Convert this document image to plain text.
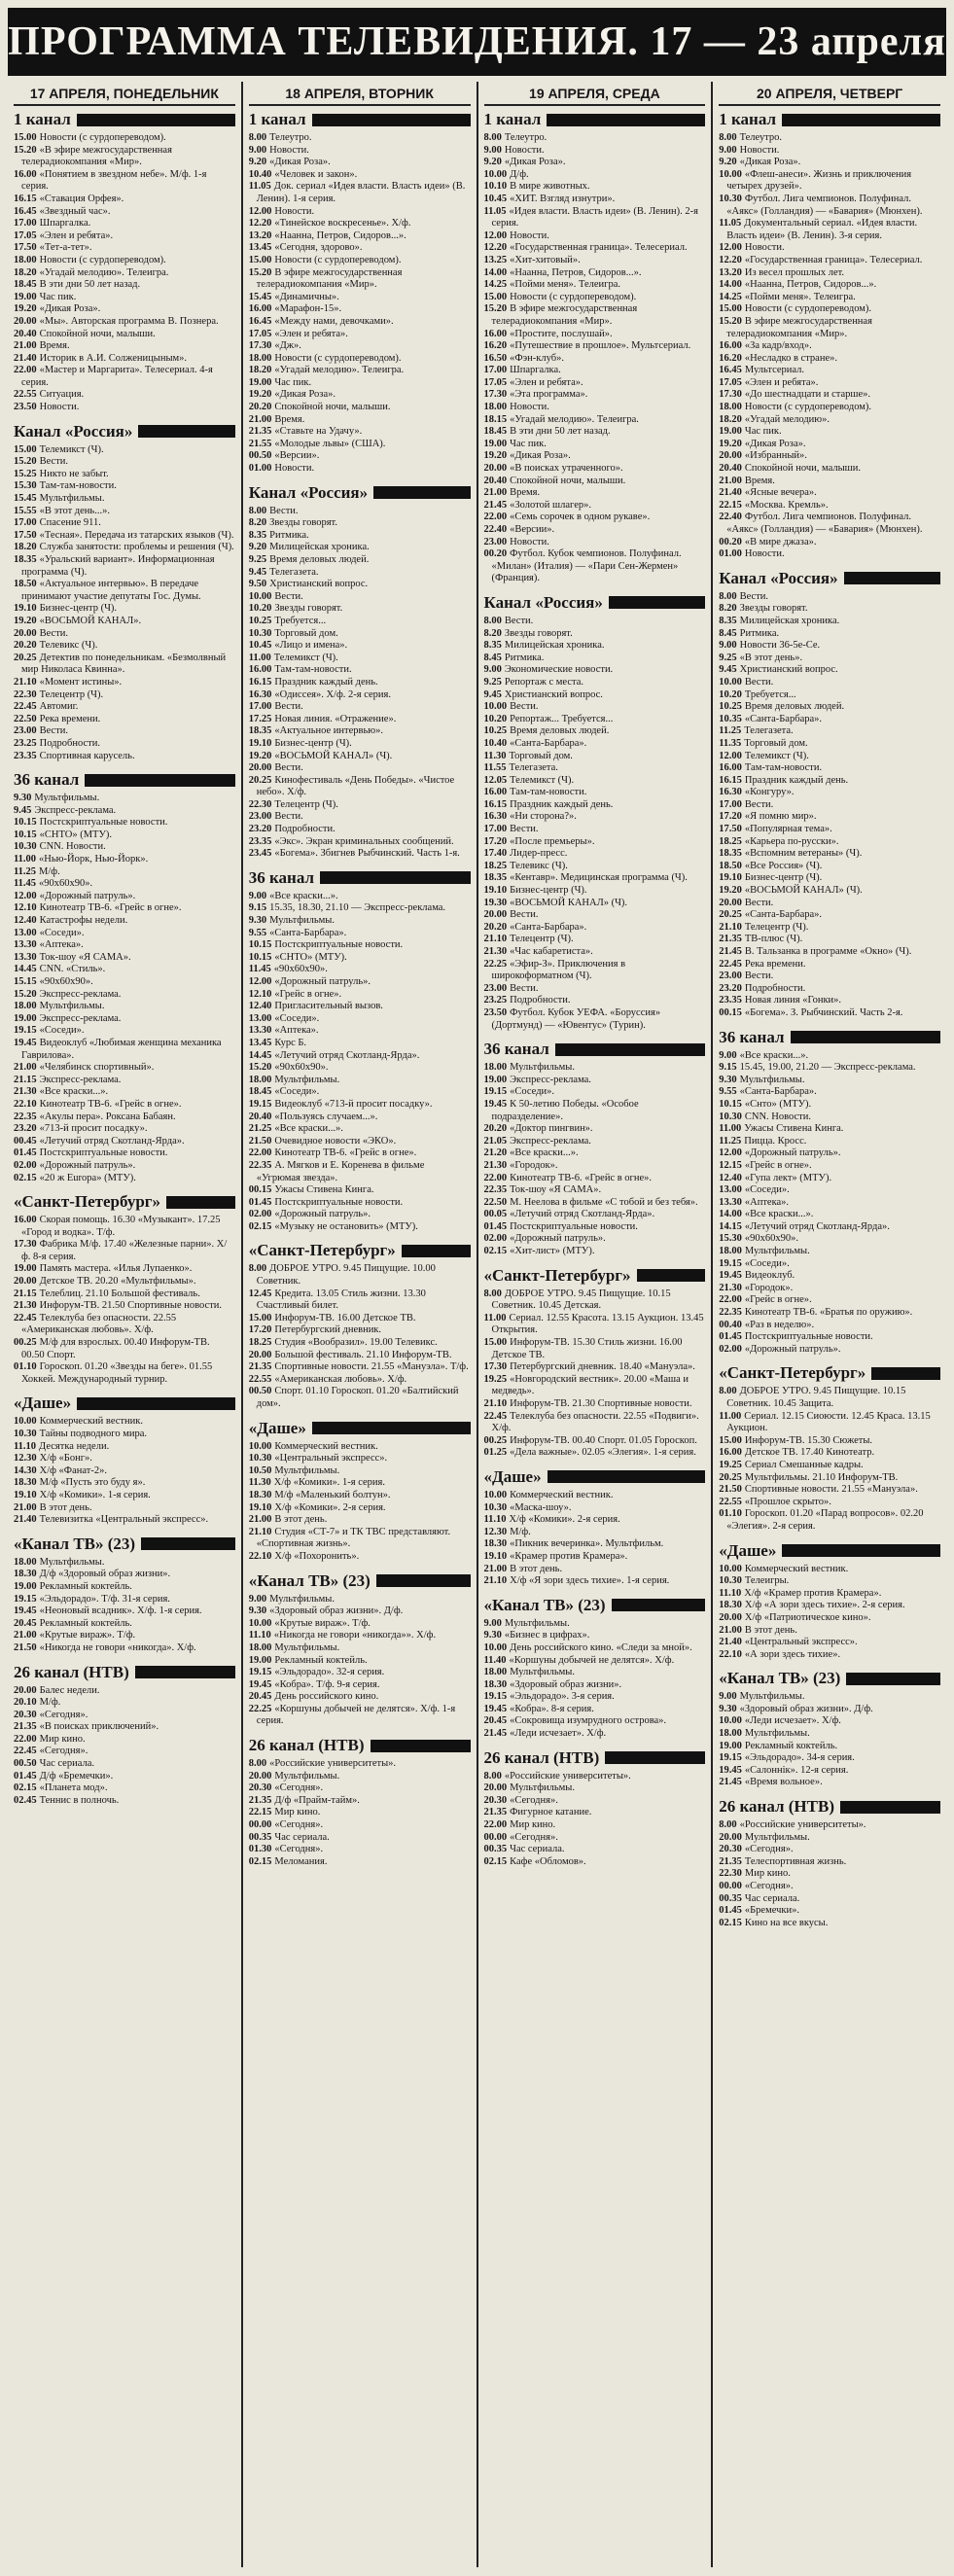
ПРОГРАММА ТЕЛЕВИДЕНИЯ. 17 — 23 апреля
17 АПРЕЛЯ, ПОНЕДЕЛЬНИК
1 канал

15.00 Новости (с сурдопереводом).

15.20 «В эфире межгосударственная телерадиокомпания «Мир».

16.00 «Понятием в звездном небе». М/ф. 1-я серия.

16.15 «Ставация Орфея».

16.45 «Звездный час».

17.00 Шпаргалка.

17.05 «Элен и ребята».

17.50 «Тет-а-тет».

18.00 Новости (с сурдопереводом).

18.20 «Угадай мелодию». Телеигра.

18.45 В эти дни 50 лет назад.

19.00 Час пик.

19.20 «Дикая Роза».

20.00 «Мы». Авторская программа В. Познера.

20.40 Спокойной ночи, малыши.

21.00 Время.

21.40 Историк в А.И. Солженицыным».

22.00 «Мастер и Маргарита». Телесериал. 4-я серия.

22.55 Ситуация.

23.50 Новости.

Канал «Россия»

15.00 Телемикст (Ч).

15.20 Вести.

15.25 Никто не забыт.

15.30 Там-там-новости.

15.45 Мультфильмы.

15.55 «В этот день...».

17.00 Спасение 911.

17.50 «Тесная». Передача из татарских языков (Ч).

18.20 Служба занятости: проблемы и решения (Ч).

18.35 «Уральский вариант». Информационная программа (Ч).

18.50 «Актуальное интервью». В передаче принимают участие депутаты Гос. Думы.

19.10 Бизнес-центр (Ч).

19.20 «ВОСЬМОЙ КАНАЛ».

20.00 Вести.

20.20 Телевикс (Ч).

20.25 Детектив по понедельникам. «Безмолвный мир Николаса Квинна».

21.10 «Момент истины».

22.30 Телецентр (Ч).

22.45 Автомиг.

22.50 Река времени.

23.00 Вести.

23.25 Подробности.

23.35 Спортивная карусель.

36 канал

9.30 Мультфильмы.

9.45 Экспресс-реклама.

10.15 Постскриптуальные новости.

10.15 «СНТО» (МТУ).

10.30 CNN. Новости.

11.00 «Нью-Йорк, Нью-Йорк».

11.25 М/ф.

11.45 «90х60х90».

12.00 «Дорожный патруль».

12.10 Кинотеатр ТВ-6. «Грейс в огне».

12.40 Катастрофы недели.

13.00 «Соседи».

13.30 «Аптека».

13.30 Ток-шоу «Я САМА».

14.45 CNN. «Стиль».

15.15 «90х60х90».

15.20 Экспресс-реклама.

18.00 Мультфильмы.

19.00 Экспресс-реклама.

19.15 «Соседи».

19.45 Видеоклуб «Любимая женщина механика Гаврилова».

21.00 «Челябинск спортивный».

21.15 Экспресс-реклама.

21.30 «Все краски...».

22.10 Кинотеатр ТВ-6. «Грейс в огне».

22.35 «Акулы пера». Роксана Бабаян.

23.20 «713-й просит посадку».

00.45 «Летучий отряд Скотланд-Ярда».

01.45 Постскриптуальные новости.

02.00 «Дорожный патруль».

02.15 «20 ж Europa» (МТУ).

«Санкт-Петербург»

16.00 Скорая помощь. 16.30 «Музыкант». 17.25 «Город и водка». Т/ф.

17.30 Фабрика М/ф. 17.40 «Железные парни». Х/ф. 8-я серия.

19.00 Память мастера. «Илья Лупаенко».

20.00 Детское ТВ. 20.20 «Мультфильмы».

21.15 Телеблиц. 21.10 Большой фестиваль.

21.30 Инфорум-ТВ. 21.50 Спортивные новости.

22.45 Телеклуба без опасности. 22.55 «Американская любовь». Х/ф.

00.25 М/ф для взрослых. 00.40 Инфорум-ТВ. 00.50 Спорт.

01.10 Гороскоп. 01.20 «Звезды на беге». 01.55 Хоккей. Международный турнир.

«Даше»

10.00 Коммерческий вестник.

10.30 Тайны подводного мира.

11.10 Десятка недели.

12.30 Х/ф «Бонг».

14.30 Х/ф «Фанат-2».

18.30 М/ф «Пусть это буду я».

19.10 Х/ф «Комики». 1-я серия.

21.00 В этот день.

21.40 Телевизитка «Центральный экспресс».

«Канал ТВ» (23)

18.00 Мультфильмы.

18.30 Д/ф «Здоровый образ жизни».

19.00 Рекламный коктейль.

19.15 «Эльдорадо». Т/ф. 31-я серия.

19.45 «Неоновый всадник». Х/ф. 1-я серия.

20.45 Рекламный коктейль.

21.00 «Крутые вираж». Т/ф.

21.50 «Никогда не говори «никогда». Х/ф.

26 канал (НТВ)

20.00 Балес недели.

20.10 М/ф.

20.30 «Сегодня».

21.35 «В поисках приключений».

22.00 Мир кино.

22.45 «Сегодня».

00.50 Час сериала.

01.45 Д/ф «Бремечки».

02.15 «Планета мод».

02.45 Теннис в полночь.

18 АПРЕЛЯ, ВТОРНИК
1 канал

8.00 Телеутро.

9.00 Новости.

9.20 «Дикая Роза».

10.40 «Человек и закон».

11.05 Док. сериал «Идея власти. Власть идеи» (В. Ленин). 1-я серия.

12.00 Новости.

12.20 «Тинейское воскресенье». Х/ф.

13.20 «Наанна, Петров, Сидоров...».

13.45 «Сегодня, здорово».

15.00 Новости (с сурдопереводом).

15.20 В эфире межгосударственная телерадиокомпания «Мир».

15.45 «Динамичны».

16.00 «Марафон-15».

16.45 «Между нами, девочками».

17.05 «Элен и ребята».

17.30 «Дж».

18.00 Новости (с сурдопереводом).

18.20 «Угадай мелодию». Телеигра.

19.00 Час пик.

19.20 «Дикая Роза».

20.20 Спокойной ночи, малыши.

21.00 Время.

21.35 «Ставьте на Удачу».

21.55 «Молодые львы» (США).

00.50 «Версии».

01.00 Новости.

Канал «Россия»

8.00 Вести.

8.20 Звезды говорят.

8.35 Ритмика.

9.20 Милицейская хроника.

9.25 Время деловых людей.

9.45 Телегазета.

9.50 Христианский вопрос.

10.00 Вести.

10.20 Звезды говорят.

10.25 Требуется...

10.30 Торговый дом.

10.45 «Лицо и имена».

11.00 Телемикст (Ч).

16.00 Там-там-новости.

16.15 Праздник каждый день.

16.30 «Одиссея». Х/ф. 2-я серия.

17.00 Вести.

17.25 Новая линия. «Отражение».

18.35 «Актуальное интервью».

19.10 Бизнес-центр (Ч).

19.20 «ВОСЬМОЙ КАНАЛ» (Ч).

20.00 Вести.

20.25 Кинофестиваль «День Победы». «Чистое небо». Х/ф.

22.30 Телецентр (Ч).

23.00 Вести.

23.20 Подробности.

23.35 «Экс». Экран криминальных сообщений.

23.45 «Богема». Збигнев Рыбчинский. Часть 1-я.

36 канал

9.00 «Все краски...».

9.15 15.35, 18.30, 21.10 — Экспресс-реклама.

9.30 Мультфильмы.

9.55 «Санта-Барбара».

10.15 Постскриптуальные новости.

10.15 «СНТО» (МТУ).

11.45 «90х60х90».

12.00 «Дорожный патруль».

12.10 «Грейс в огне».

12.40 Пригласительный вызов.

13.00 «Соседи».

13.30 «Аптека».

13.45 Курс Б.

14.45 «Летучий отряд Скотланд-Ярда».

15.20 «90х60х90».

18.00 Мультфильмы.

18.45 «Соседи».

19.15 Видеоклуб «713-й просит посадку».

20.40 «Пользуясь случаем...».

21.25 «Все краски...».

21.50 Очевидное новости «ЭКО».

22.00 Кинотеатр ТВ-6. «Грейс в огне».

22.35 А. Мягков и Е. Коренева в фильме «Угрюмая звезда».

00.15 Ужасы Стивена Кинга.

01.45 Постскриптуальные новости.

02.00 «Дорожный патруль».

02.15 «Музыку не остановить» (МТУ).

«Санкт-Петербург»

8.00 ДОБРОЕ УТРО. 9.45 Пищущие. 10.00 Советник.

12.45 Кредита. 13.05 Стиль жизни. 13.30 Счастливый билет.

15.00 Инфорум-ТВ. 16.00 Детское ТВ.

17.20 Петербургский дневник.

18.25 Студия «Вообразил». 19.00 Телевикс.

20.00 Большой фестиваль. 21.10 Инфорум-ТВ.

21.35 Спортивные новости. 21.55 «Мануэла». Т/ф.

22.55 «Американская любовь». Х/ф.

00.50 Спорт. 01.10 Гороскоп. 01.20 «Балтийский дом».

«Даше»

10.00 Коммерческий вестник.

10.30 «Центральный экспресс».

10.50 Мультфильмы.

11.30 Х/ф «Комики». 1-я серия.

18.30 М/ф «Маленький болтун».

19.10 Х/ф «Комики». 2-я серия.

21.00 В этот день.

21.10 Студия «СТ-7» и ТК ТВС представляют. «Спортивная жизнь».

22.10 Х/ф «Похоронить».

«Канал ТВ» (23)

9.00 Мультфильмы.

9.30 «Здоровый образ жизни». Д/ф.

10.00 «Крутые вираж». Т/ф.

11.10 «Никогда не говори «никогда»». Х/ф.

18.00 Мультфильмы.

19.00 Рекламный коктейль.

19.15 «Эльдорадо». 32-я серия.

19.45 «Кобра». Т/ф. 9-я серия.

20.45 День российского кино.

22.25 «Коршуны добычей не делятся». Х/ф. 1-я серия.

26 канал (НТВ)

8.00 «Российские университеты».

20.00 Мультфильмы.

20.30 «Сегодня».

21.35 Д/ф «Прайм-тайм».

22.15 Мир кино.

00.00 «Сегодня».

00.35 Час сериала.

01.30 «Сегодня».

02.15 Меломания.

19 АПРЕЛЯ, СРЕДА
1 канал

8.00 Телеутро.

9.00 Новости.

9.20 «Дикая Роза».

10.00 Д/ф.

10.10 В мире животных.

10.45 «ХИТ. Взгляд изнутри».

11.05 «Идея власти. Власть идеи» (В. Ленин). 2-я серия.

12.00 Новости.

12.20 «Государственная граница». Телесериал.

13.25 «Хит-хитовый».

14.00 «Наанна, Петров, Сидоров...».

14.25 «Пойми меня». Телеигра.

15.00 Новости (с сурдопереводом).

15.20 В эфире межгосударственная телерадиокомпания «Мир».

16.00 «Простите, послушай».

16.20 «Путешествие в прошлое». Мультсериал.

16.50 «Фэн-клуб».

17.00 Шпаргалка.

17.05 «Элен и ребята».

17.30 «Эта программа».

18.00 Новости.

18.15 «Угадай мелодию». Телеигра.

18.45 В эти дни 50 лет назад.

19.00 Час пик.

19.20 «Дикая Роза».

20.00 «В поисках утраченного».

20.40 Спокойной ночи, малыши.

21.00 Время.

21.45 «Золотой шлагер».

22.00 «Семь сорочек в одном рукаве».

22.40 «Версии».

23.00 Новости.

00.20 Футбол. Кубок чемпионов. Полуфинал. «Милан» (Италия) — «Пари Сен-Жермен» (Франция).

Канал «Россия»

8.00 Вести.

8.20 Звезды говорят.

8.35 Милицейская хроника.

8.45 Ритмика.

9.00 Экономические новости.

9.25 Репортаж с места.

9.45 Христианский вопрос.

10.00 Вести.

10.20 Репортаж... Требуется...

10.25 Время деловых людей.

10.40 «Санта-Барбара».

11.30 Торговый дом.

11.55 Телегазета.

12.05 Телемикст (Ч).

16.00 Там-там-новости.

16.15 Праздник каждый день.

16.30 «Ни сторона?».

17.00 Вести.

17.20 «После премьеры».

17.40 Лидер-пресс.

18.25 Телевикс (Ч).

18.35 «Кентавр». Медицинская программа (Ч).

19.10 Бизнес-центр (Ч).

19.30 «ВОСЬМОЙ КАНАЛ» (Ч).

20.00 Вести.

20.20 «Санта-Барбара».

21.10 Телецентр (Ч).

21.30 «Час кабаретиста».

22.25 «Эфир-З». Приключения в широкоформатном (Ч).

23.00 Вести.

23.25 Подробности.

23.50 Футбол. Кубок УЕФА. «Боруссия» (Дортмунд) — «Ювентус» (Турин).

36 канал

18.00 Мультфильмы.

19.00 Экспресс-реклама.

19.15 «Соседи».

19.45 К 50-летию Победы. «Особое подразделение».

20.20 «Доктор пингвин».

21.05 Экспресс-реклама.

21.20 «Все краски...».

21.30 «Городок».

22.00 Кинотеатр ТВ-6. «Грейс в огне».

22.35 Ток-шоу «Я САМА».

22.50 М. Неелова в фильме «С тобой и без тебя».

00.05 «Летучий отряд Скотланд-Ярда».

01.45 Постскриптуальные новости.

02.00 «Дорожный патруль».

02.15 «Хит-лист» (МТУ).

«Санкт-Петербург»

8.00 ДОБРОЕ УТРО. 9.45 Пищущие. 10.15 Советник. 10.45 Детская.

11.00 Сериал. 12.55 Красота. 13.15 Аукцион. 13.45 Открытия.

15.00 Инфорум-ТВ. 15.30 Стиль жизни. 16.00 Детское ТВ.

17.30 Петербургский дневник. 18.40 «Мануэла».

19.25 «Новгородский вестник». 20.00 «Маша и медведь».

21.10 Инфорум-ТВ. 21.30 Спортивные новости.

22.45 Телеклуба без опасности. 22.55 «Подвиги». Х/ф.

00.25 Инфорум-ТВ. 00.40 Спорт. 01.05 Гороскоп.

01.25 «Дела важные». 02.05 «Элегия». 1-я серия.

«Даше»

10.00 Коммерческий вестник.

10.30 «Маска-шоу».

11.10 Х/ф «Комики». 2-я серия.

12.30 М/ф.

18.30 «Пикник вечеринка». Мультфильм.

19.10 «Крамер против Крамера».

21.00 В этот день.

21.10 Х/ф «Я зори здесь тихие». 1-я серия.

«Канал ТВ» (23)

9.00 Мультфильмы.

9.30 «Бизнес в цифрах».

10.00 День российского кино. «Следи за мной».

11.40 «Коршуны добычей не делятся». Х/ф.

18.00 Мультфильмы.

18.30 «Здоровый образ жизни».

19.15 «Эльдорадо». 3-я серия.

19.45 «Кобра». 8-я серия.

20.45 «Сокровища изумрудного острова».

21.45 «Леди исчезает». Х/ф.

26 канал (НТВ)

8.00 «Российские университеты».

20.00 Мультфильмы.

20.30 «Сегодня».

21.35 Фигурное катание.

22.00 Мир кино.

00.00 «Сегодня».

00.35 Час сериала.

02.15 Кафе «Обломов».

20 АПРЕЛЯ, ЧЕТВЕРГ
1 канал

8.00 Телеутро.

9.00 Новости.

9.20 «Дикая Роза».

10.00 «Флеш-анеси». Жизнь и приключения четырех друзей».

10.30 Футбол. Лига чемпионов. Полуфинал. «Аякс» (Голландия) — «Бавария» (Мюнхен).

11.05 Документальный сериал. «Идея власти. Власть идеи» (В. Ленин). 3-я серия.

12.00 Новости.

12.20 «Государственная граница». Телесериал.

13.20 Из весел прошлых лет.

14.00 «Наанна, Петров, Сидоров...».

14.25 «Пойми меня». Телеигра.

15.00 Новости (с сурдопереводом).

15.20 В эфире межгосударственная телерадиокомпания «Мир».

16.00 «За кадр/вход».

16.20 «Несладко в стране».

16.45 Мультсериал.

17.05 «Элен и ребята».

17.30 «До шестнадцати и старше».

18.00 Новости (с сурдопереводом).

18.20 «Угадай мелодию».

19.00 Час пик.

19.20 «Дикая Роза».

20.00 «Избранный».

20.40 Спокойной ночи, малыши.

21.00 Время.

21.40 «Ясные вечера».

22.15 «Москва. Кремль».

22.40 Футбол. Лига чемпионов. Полуфинал. «Аякс» (Голландия) — «Бавария» (Мюнхен).

00.20 «В мире джаза».

01.00 Новости.

Канал «Россия»

8.00 Вести.

8.20 Звезды говорят.

8.35 Милицейская хроника.

8.45 Ритмика.

9.00 Новости 36-5е-Се.

9.25 «В этот день».

9.45 Христианский вопрос.

10.00 Вести.

10.20 Требуется...

10.25 Время деловых людей.

10.35 «Санта-Барбара».

11.25 Телегазета.

11.35 Торговый дом.

12.00 Телемикст (Ч).

16.00 Там-там-новости.

16.15 Праздник каждый день.

16.30 «Конгуру».

17.00 Вести.

17.20 «Я помню мир».

17.50 «Популярная тема».

18.25 «Карьера по-русски».

18.35 «Вспомним ветераны» (Ч).

18.50 «Все Россия» (Ч).

19.10 Бизнес-центр (Ч).

19.20 «ВОСЬМОЙ КАНАЛ» (Ч).

20.00 Вести.

20.25 «Санта-Барбара».

21.10 Телецентр (Ч).

21.35 ТВ-плюс (Ч).

21.45 В. Тальзанка в программе «Окно» (Ч).

22.45 Река времени.

23.00 Вести.

23.20 Подробности.

23.35 Новая линия «Гонки».

00.15 «Богема». З. Рыбчинский. Часть 2-я.

36 канал

9.00 «Все краски...».

9.15 15.45, 19.00, 21.20 — Экспресс-реклама.

9.30 Мультфильмы.

9.55 «Санта-Барбара».

10.15 «Снто» (МТУ).

10.30 CNN. Новости.

11.00 Ужасы Стивена Кинга.

11.25 Пицца. Кросс.

12.00 «Дорожный патруль».

12.15 «Грейс в огне».

12.40 «Гупа лект» (МТУ).

13.00 «Соседи».

13.30 «Аптека».

14.00 «Все краски...».

14.15 «Летучий отряд Скотланд-Ярда».

15.30 «90х60х90».

18.00 Мультфильмы.

19.15 «Соседи».

19.45 Видеоклуб.

21.30 «Городок».

22.00 «Грейс в огне».

22.35 Кинотеатр ТВ-6. «Братья по оружию».

00.40 «Раз в неделю».

01.45 Постскриптуальные новости.

02.00 «Дорожный патруль».

«Санкт-Петербург»

8.00 ДОБРОЕ УТРО. 9.45 Пищущие. 10.15 Советник. 10.45 Защита.

11.00 Сериал. 12.15 Сиоюсти. 12.45 Краса. 13.15 Аукцион.

15.00 Инфорум-ТВ. 15.30 Сюжеты.

16.00 Детское ТВ. 17.40 Кинотеатр.

19.25 Сериал Смешанные кадры.

20.25 Мультфильмы. 21.10 Инфорум-ТВ.

21.50 Спортивные новости. 21.55 «Мануэла».

22.55 «Прошлое скрыто».

01.10 Гороскоп. 01.20 «Парад вопросов». 02.20 «Элегия». 2-я серия.

«Даше»

10.00 Коммерческий вестник.

10.30 Телеигры.

11.10 Х/ф «Крамер против Крамера».

18.30 Х/ф «А зори здесь тихие». 2-я серия.

20.00 Х/ф «Патриотическое кино».

21.00 В этот день.

21.40 «Центральный экспресс».

22.10 «А зори здесь тихие».

«Канал ТВ» (23)

9.00 Мультфильмы.

9.30 «Здоровый образ жизни». Д/ф.

10.00 «Леди исчезает». Х/ф.

18.00 Мультфильмы.

19.00 Рекламный коктейль.

19.15 «Эльдорадо». 34-я серия.

19.45 «Салоннiк». 12-я серия.

21.45 «Время вольное».

26 канал (НТВ)

8.00 «Российские университеты».

20.00 Мультфильмы.

20.30 «Сегодня».

21.35 Телеспортивная жизнь.

22.30 Мир кино.

00.00 «Сегодня».

00.35 Час сериала.

01.45 «Бремечки».

02.15 Кино на все вкусы.
